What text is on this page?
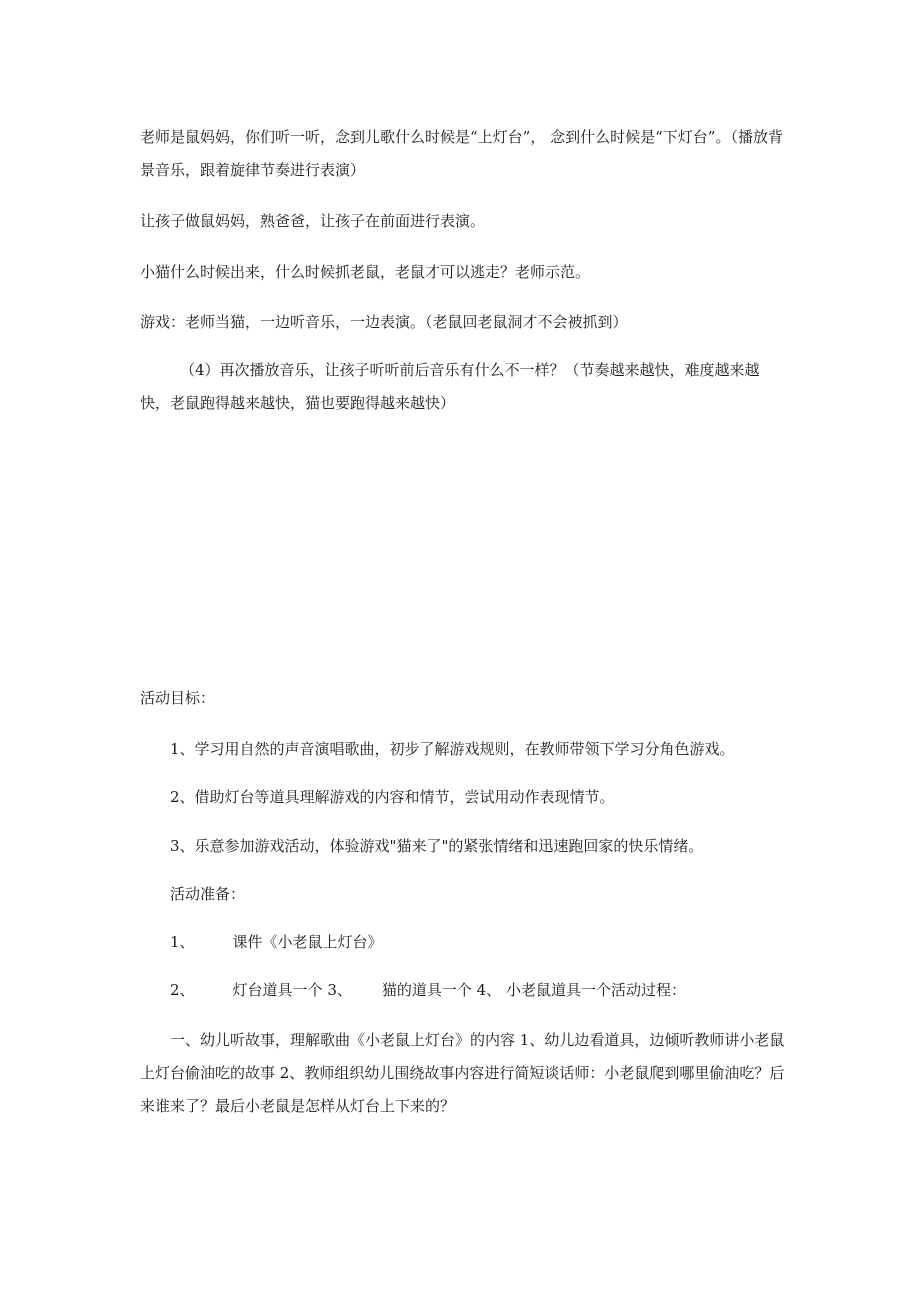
老师是鼠妈妈，你们听一听，念到儿歌什么时候是“上灯台”， 念到什么时候是“下灯台”。（播放背景音乐，跟着旋律节奏进行表演）

让孩子做鼠妈妈，熟爸爸，让孩子在前面进行表演。

小猫什么时候出来，什么时候抓老鼠，老鼠才可以逃走？老师示范。

游戏：老师当猫，一边听音乐，一边表演。（老鼠回老鼠洞才不会被抓到）

（4）再次播放音乐，让孩子听听前后音乐有什么不一样？（节奏越来越快，难度越来越快，老鼠跑得越来越快，猫也要跑得越来越快）

活动目标：

1、学习用自然的声音演唱歌曲，初步了解游戏规则，在教师带领下学习分角色游戏。

2、借助灯台等道具理解游戏的内容和情节，尝试用动作表现情节。

3、乐意参加游戏活动，体验游戏"猫来了"的紧张情绪和迅速跑回家的快乐情绪。

活动准备：

1、	课件《小老鼠上灯台》

2、	灯台道具一个 3、 猫的道具一个 4、 小老鼠道具一个活动过程：

一、幼儿听故事，理解歌曲《小老鼠上灯台》的内容 1、幼儿边看道具，边倾听教师讲小老鼠上灯台偷油吃的故事 2、教师组织幼儿围绕故事内容进行简短谈话师：小老鼠爬到哪里偷油吃？后来谁来了？最后小老鼠是怎样从灯台上下来的？
